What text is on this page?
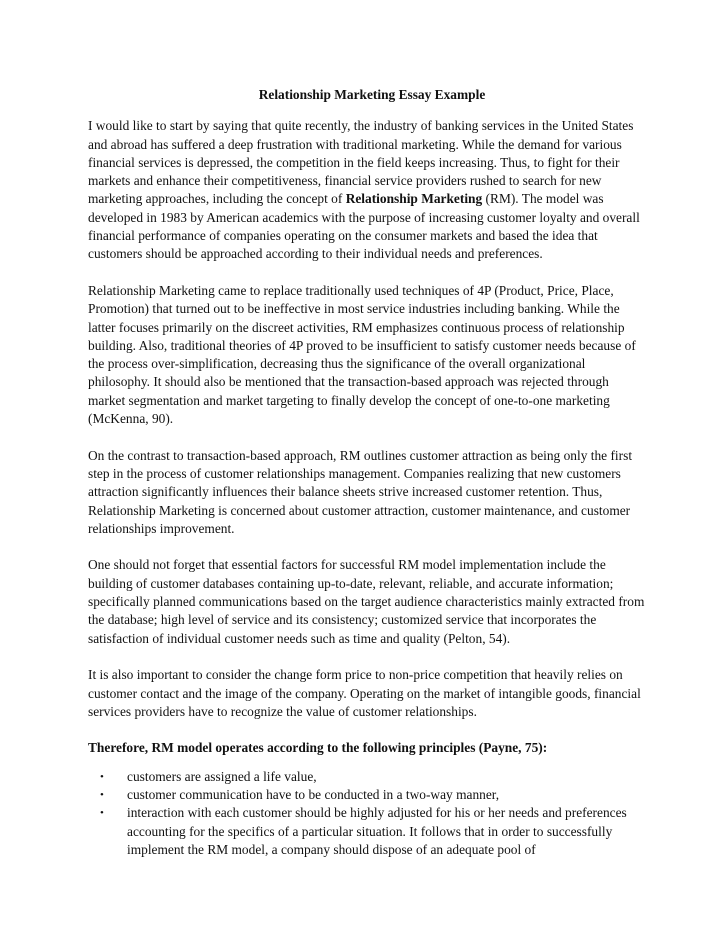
Relationship Marketing Essay Example

I would like to start by saying that quite recently, the industry of banking services in the United States and abroad has suffered a deep frustration with traditional marketing. While the demand for various financial services is depressed, the competition in the field keeps increasing. Thus, to fight for their markets and enhance their competitiveness, financial service providers rushed to search for new marketing approaches, including the concept of Relationship Marketing (RM). The model was developed in 1983 by American academics with the purpose of increasing customer loyalty and overall financial performance of companies operating on the consumer markets and based the idea that customers should be approached according to their individual needs and preferences.

Relationship Marketing came to replace traditionally used techniques of 4P (Product, Price, Place, Promotion) that turned out to be ineffective in most service industries including banking. While the latter focuses primarily on the discreet activities, RM emphasizes continuous process of relationship building. Also, traditional theories of 4P proved to be insufficient to satisfy customer needs because of the process over-simplification, decreasing thus the significance of the overall organizational philosophy. It should also be mentioned that the transaction-based approach was rejected through market segmentation and market targeting to finally develop the concept of one-to-one marketing (McKenna, 90).

On the contrast to transaction-based approach, RM outlines customer attraction as being only the first step in the process of customer relationships management. Companies realizing that new customers attraction significantly influences their balance sheets strive increased customer retention. Thus, Relationship Marketing is concerned about customer attraction, customer maintenance, and customer relationships improvement.

One should not forget that essential factors for successful RM model implementation include the building of customer databases containing up-to-date, relevant, reliable, and accurate information; specifically planned communications based on the target audience characteristics mainly extracted from the database; high level of service and its consistency; customized service that incorporates the satisfaction of individual customer needs such as time and quality (Pelton, 54).

It is also important to consider the change form price to non-price competition that heavily relies on customer contact and the image of the company. Operating on the market of intangible goods, financial services providers have to recognize the value of customer relationships.

Therefore, RM model operates according to the following principles (Payne, 75):
• customers are assigned a life value,
• customer communication have to be conducted in a two-way manner,
• interaction with each customer should be highly adjusted for his or her needs and preferences accounting for the specifics of a particular situation. It follows that in order to successfully implement the RM model, a company should dispose of an adequate pool of
